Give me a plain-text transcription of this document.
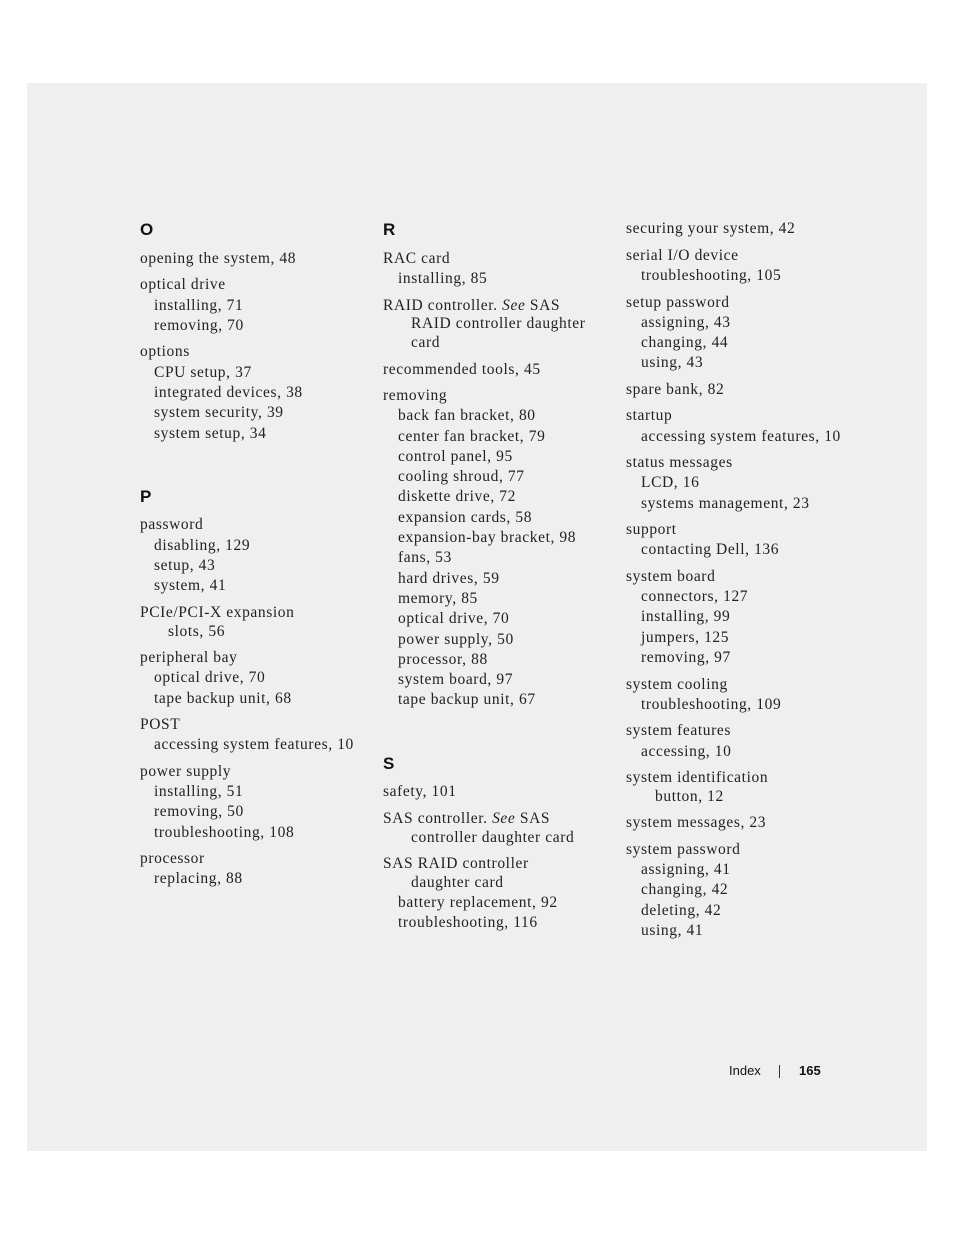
O
opening the system, 48
optical drive
installing, 71
removing, 70
options
CPU setup, 37
integrated devices, 38
system security, 39
system setup, 34
P
password
disabling, 129
setup, 43
system, 41
PCIe/PCI-X expansion
slots, 56
peripheral bay
optical drive, 70
tape backup unit, 68
POST
accessing system features, 10
power supply
installing, 51
removing, 50
troubleshooting, 108
processor
replacing, 88
R
RAC card
installing, 85
RAID controller. See SAS
RAID controller daughter
card
recommended tools, 45
removing
back fan bracket, 80
center fan bracket, 79
control panel, 95
cooling shroud, 77
diskette drive, 72
expansion cards, 58
expansion-bay bracket, 98
fans, 53
hard drives, 59
memory, 85
optical drive, 70
power supply, 50
processor, 88
system board, 97
tape backup unit, 67
S
safety, 101
SAS controller. See SAS
controller daughter card
SAS RAID controller
daughter card
battery replacement, 92
troubleshooting, 116
securing your system, 42
serial I/O device
troubleshooting, 105
setup password
assigning, 43
changing, 44
using, 43
spare bank, 82
startup
accessing system features, 10
status messages
LCD, 16
systems management, 23
support
contacting Dell, 136
system board
connectors, 127
installing, 99
jumpers, 125
removing, 97
system cooling
troubleshooting, 109
system features
accessing, 10
system identification
button, 12
system messages, 23
system password
assigning, 41
changing, 42
deleting, 42
using, 41
Index	165
